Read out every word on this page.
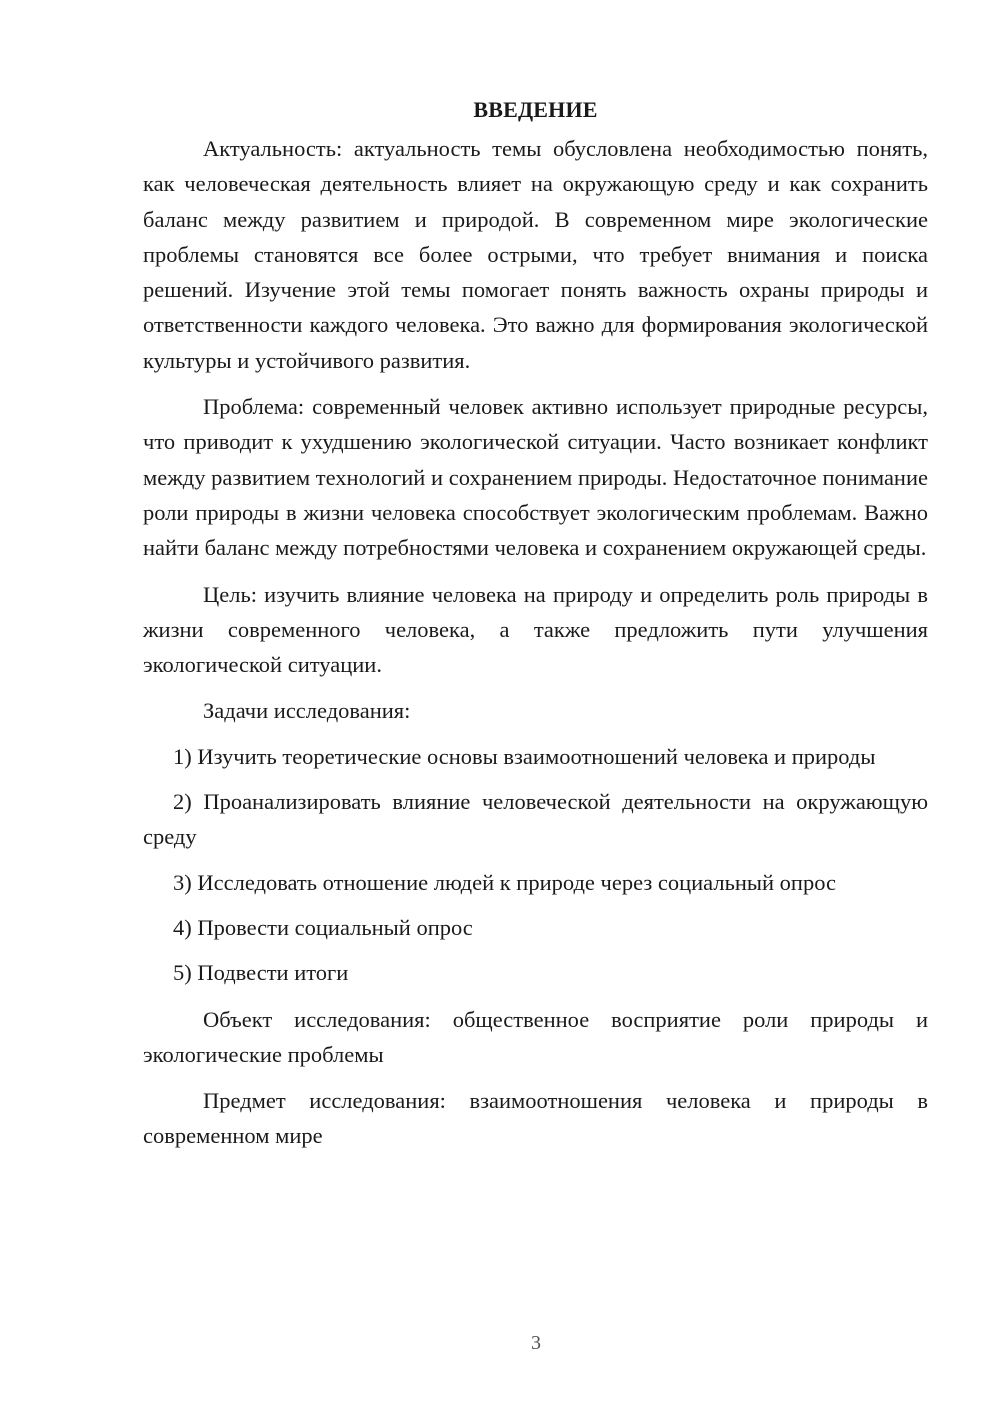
ВВЕДЕНИЕ

Актуальность: актуальность темы обусловлена необходимостью понять, как человеческая деятельность влияет на окружающую среду и как сохранить баланс между развитием и природой. В современном мире экологические проблемы становятся все более острыми, что требует внимания и поиска решений. Изучение этой темы помогает понять важность охраны природы и ответственности каждого человека. Это важно для формирования экологической культуры и устойчивого развития.

Проблема: современный человек активно использует природные ресурсы, что приводит к ухудшению экологической ситуации. Часто возникает конфликт между развитием технологий и сохранением природы. Недостаточное понимание роли природы в жизни человека способствует экологическим проблемам. Важно найти баланс между потребностями человека и сохранением окружающей среды.

Цель: изучить влияние человека на природу и определить роль природы в жизни современного человека, а также предложить пути улучшения экологической ситуации.

Задачи исследования:

1) Изучить теоретические основы взаимоотношений человека и природы

2) Проанализировать влияние человеческой деятельности на окружающую среду

3) Исследовать отношение людей к природе через социальный опрос

4) Провести социальный опрос

5) Подвести итоги

Объект исследования: общественное восприятие роли природы и экологические проблемы

Предмет исследования: взаимоотношения человека и природы в современном мире

3
